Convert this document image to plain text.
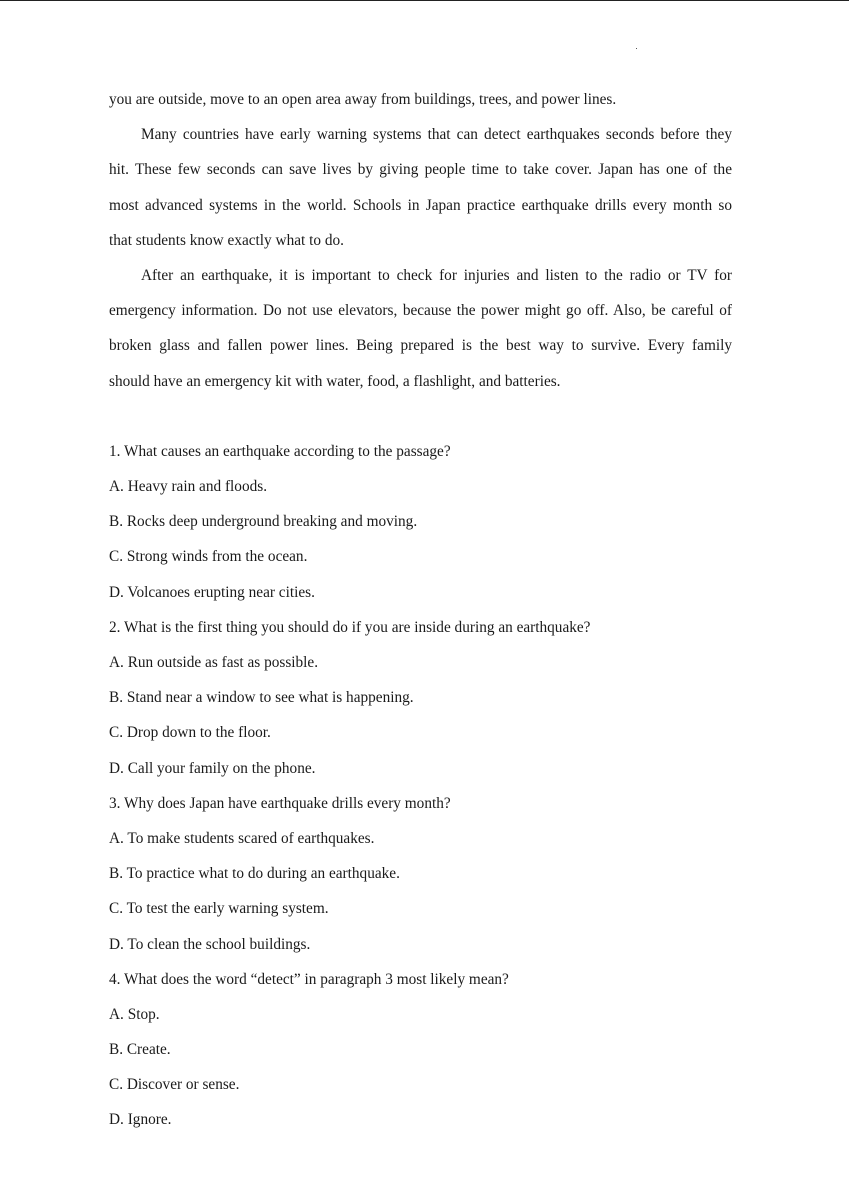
you are outside, move to an open area away from buildings, trees, and power lines.

Many countries have early warning systems that can detect earthquakes seconds before they

hit. These few seconds can save lives by giving people time to take cover. Japan has one of the

most advanced systems in the world. Schools in Japan practice earthquake drills every month so

that students know exactly what to do.

After an earthquake, it is important to check for injuries and listen to the radio or TV for

emergency information. Do not use elevators, because the power might go off. Also, be careful of

broken glass and fallen power lines. Being prepared is the best way to survive. Every family

should have an emergency kit with water, food, a flashlight, and batteries.

1. What causes an earthquake according to the passage?

A. Heavy rain and floods.

B. Rocks deep underground breaking and moving.

C. Strong winds from the ocean.

D. Volcanoes erupting near cities.

2. What is the first thing you should do if you are inside during an earthquake?

A. Run outside as fast as possible.

B. Stand near a window to see what is happening.

C. Drop down to the floor.

D. Call your family on the phone.

3. Why does Japan have earthquake drills every month?

A. To make students scared of earthquakes.

B. To practice what to do during an earthquake.

C. To test the early warning system.

D. To clean the school buildings.

4. What does the word “detect” in paragraph 3 most likely mean?

A. Stop.

B. Create.

C. Discover or sense.

D. Ignore.
